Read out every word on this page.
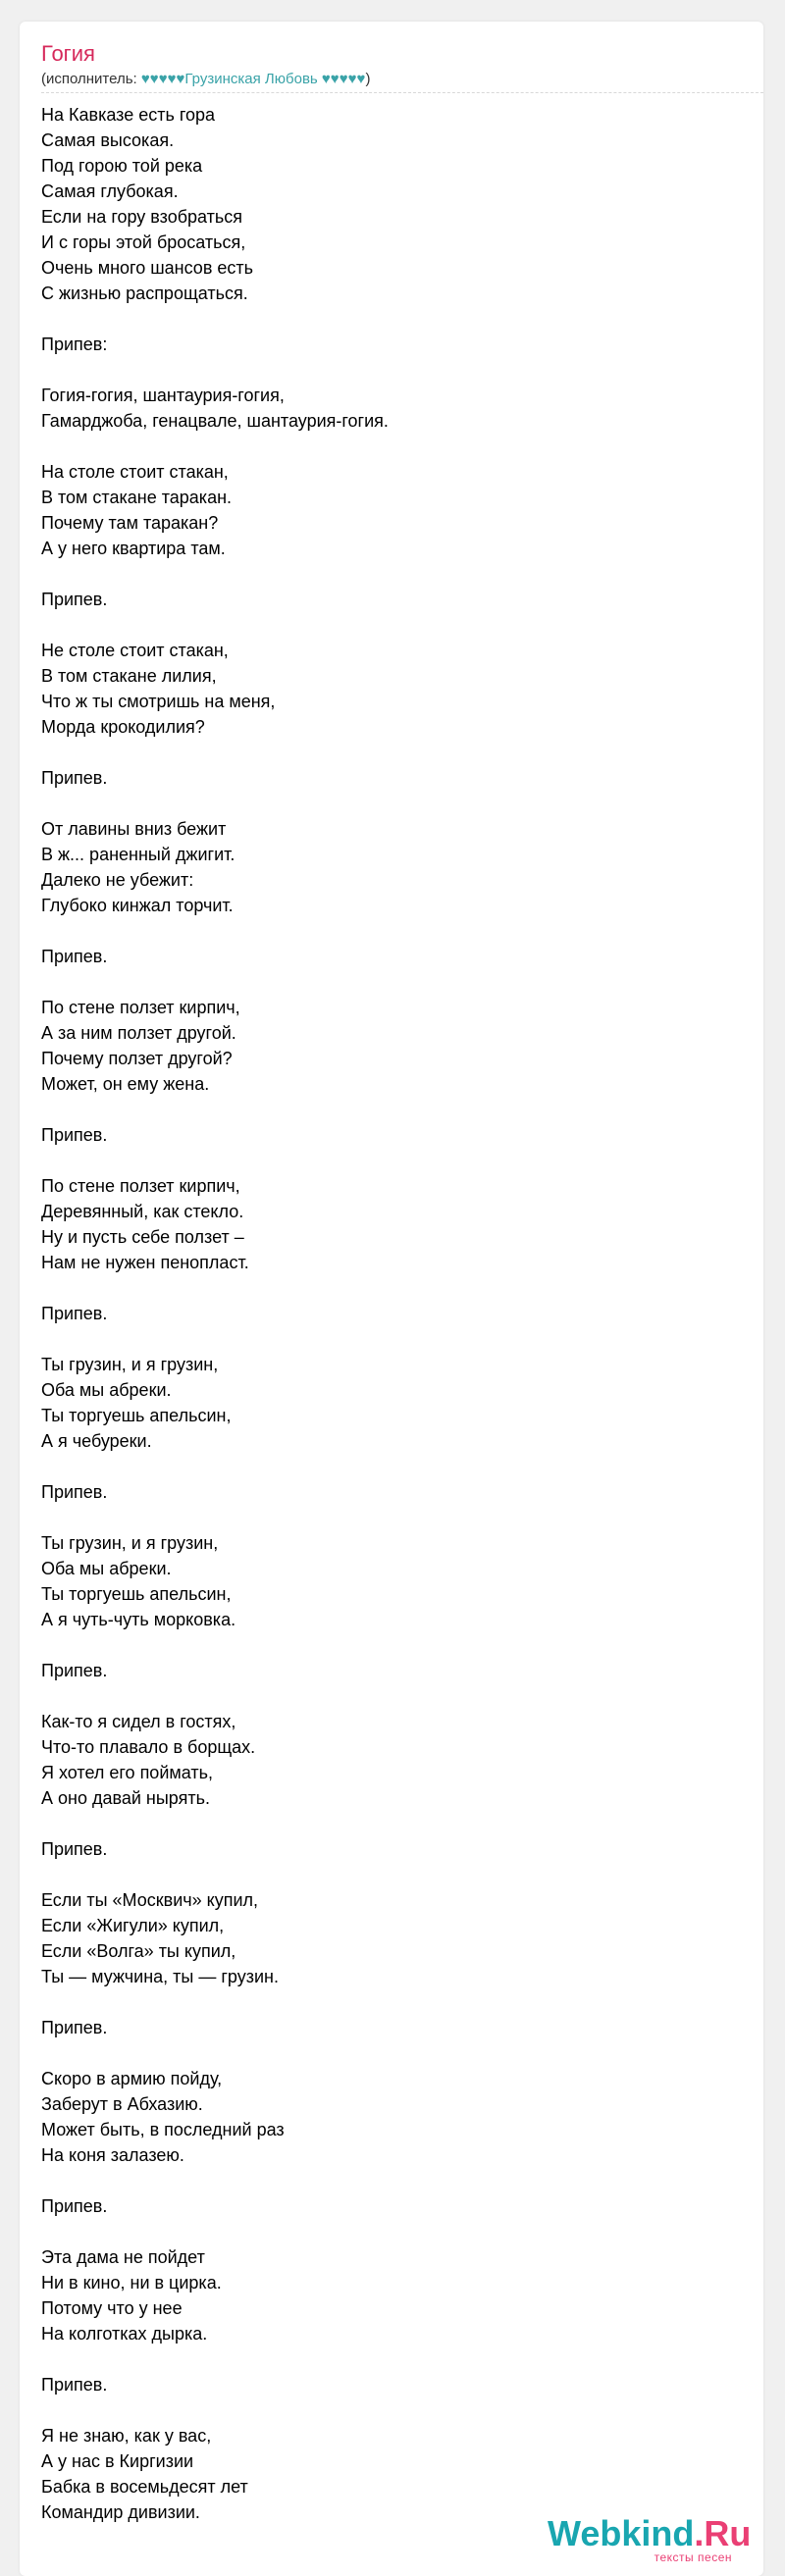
Гогия
(исполнитель: ♥♥♥♥♥Грузинская Любовь ♥♥♥♥♥)
На Кавказе есть гора
Самая высокая.
Под горою той река
Самая глубокая.
Если на гору взобраться
И с горы этой бросаться,
Очень много шансов есть
С жизнью распрощаться.
Припев:
Гогия-гогия, шантаурия-гогия,
Гамарджоба, генацвале, шантаурия-гогия.
На столе стоит стакан,
В том стакане таракан.
Почему там таракан?
А у него квартира там.
Припев.
Не столе стоит стакан,
В том стакане лилия,
Что ж ты смотришь на меня,
Морда крокодилия?
Припев.
От лавины вниз бежит
В ж... раненный джигит.
Далеко не убежит:
Глубоко кинжал торчит.
Припев.
По стене ползет кирпич,
А за ним ползет другой.
Почему ползет другой?
Может, он ему жена.
Припев.
По стене ползет кирпич,
Деревянный, как стекло.
Ну и пусть себе ползет –
Нам не нужен пенопласт.
Припев.
Ты грузин, и я грузин,
Оба мы абреки.
Ты торгуешь апельсин,
А я чебуреки.
Припев.
Ты грузин, и я грузин,
Оба мы абреки.
Ты торгуешь апельсин,
А я чуть-чуть морковка.
Припев.
Как-то я сидел в гостях,
Что-то плавало в борщах.
Я хотел его поймать,
А оно давай нырять.
Припев.
Если ты «Москвич» купил,
Если «Жигули» купил,
Если «Волга» ты купил,
Ты — мужчина, ты — грузин.
Припев.
Скоро в армию пойду,
Заберут в Абхазию.
Может быть, в последний раз
На коня залазею.
Припев.
Эта дама не пойдет
Ни в кино, ни в цирка.
Потому что у нее
На колготках дырка.
Припев.
Я не знаю, как у вас,
А у нас в Киргизии
Бабка в восемьдесят лет
Командир дивизии.
Webkind.Ru
тексты песен
